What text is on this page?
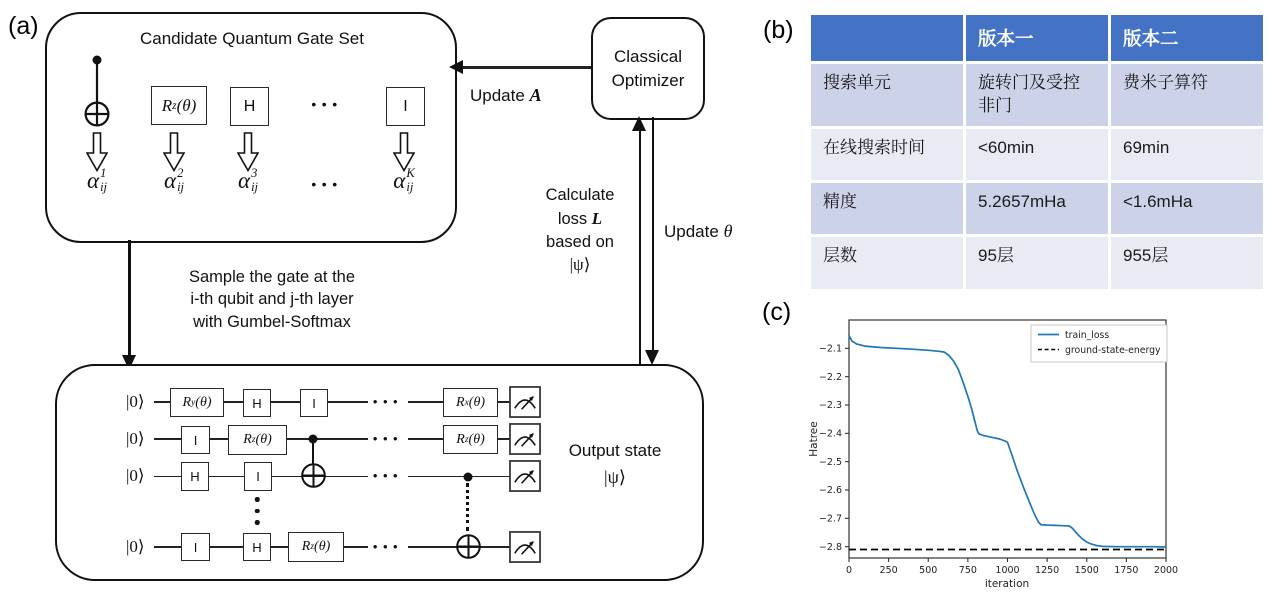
(a)	Candidate Quantum Gate Set
R z (θ)	H	•••	I
α 1
ij α 2
ij α 3
ij	•••	α K
ij
Update A
Classical
Optimizer
Calculate
loss L
based on
|ψ⟩
Update θ
Sample the gate at the
i-th qubit and j-th layer
with Gumbel-Softmax
|0⟩
|0⟩
|0⟩
|0⟩
R y (θ)	H	I	•••	R x (θ)
I	R z (θ)	•••	R z (θ)
H	I	•••
I	H	R z (θ)	•••
Output state
|ψ⟩
(b)
		版本一	版本二
搜索单元	旋转门及受控非门	费米子算符
在线搜索时间	<60min	69min
精度	5.2657mHa	<1.6mHa
层数	95层	955层
(c)
0	250 500 750 1000 1250 1500 1750 2000
−2.1
−2.2
−2.3
−2.4
−2.5
−2.6
−2.7
−2.8
iteration
Hatree
train_loss
ground-state-energy
